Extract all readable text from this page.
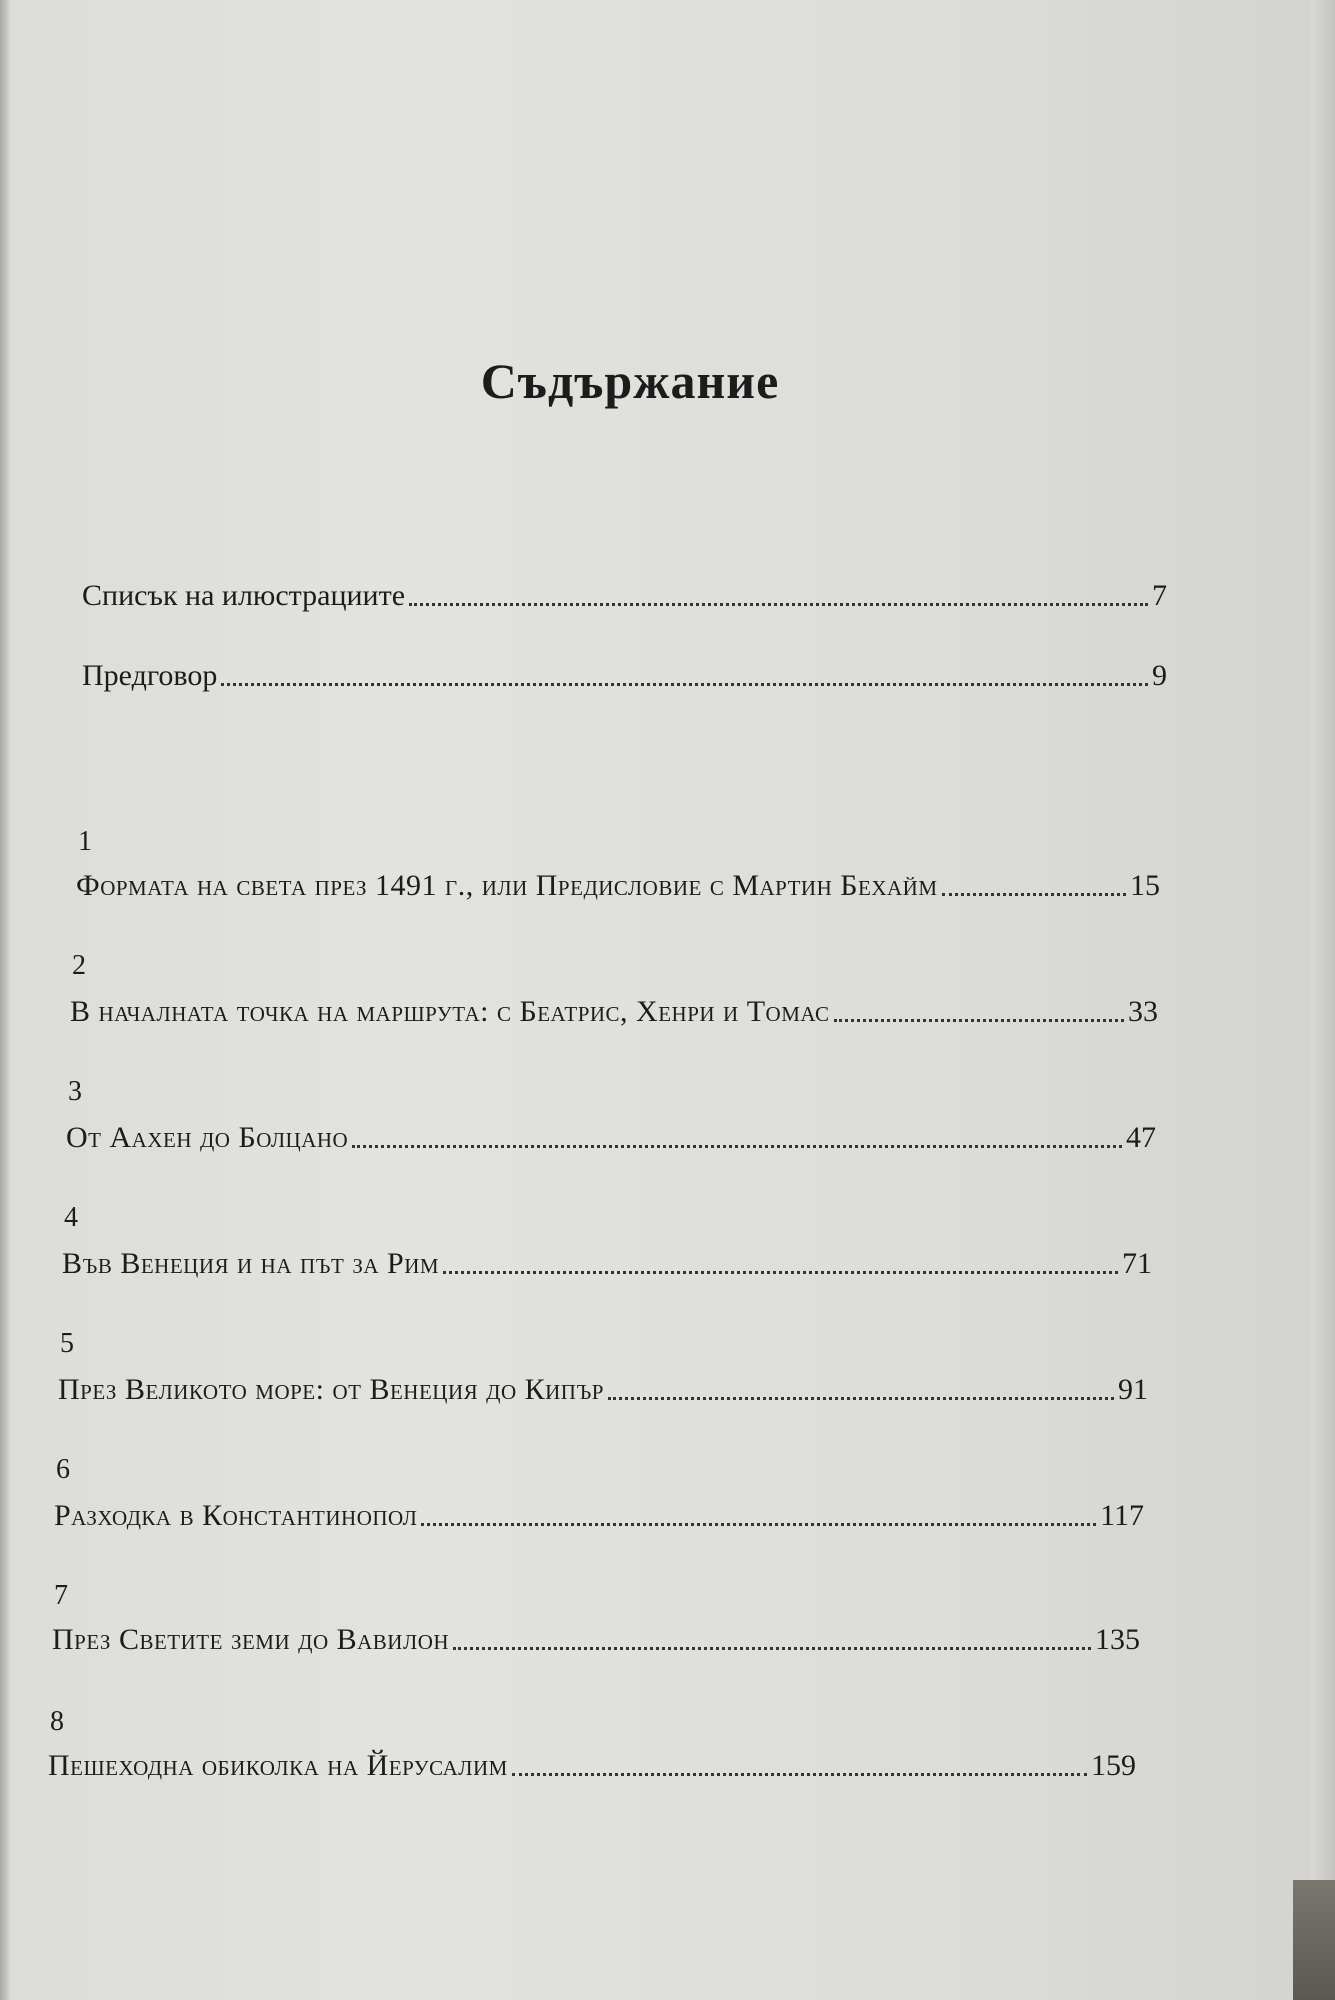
Съдържание
Списък на илюстрациите	7
Предговор	9
1
Формата на света през 1491 г., или Предисловие с Мартин Бехайм	15
2
В началната точка на маршрута: с Беатрис, Хенри и Томас	33
3
От Аахен до Болцано	47
4
Във Венеция и на път за Рим	71
5
През Великото море: от Венеция до Кипър	91
6
Разходка в Константинопол	117
7
През Светите земи до Вавилон	135
8
Пешеходна обиколка на Йерусалим	159
